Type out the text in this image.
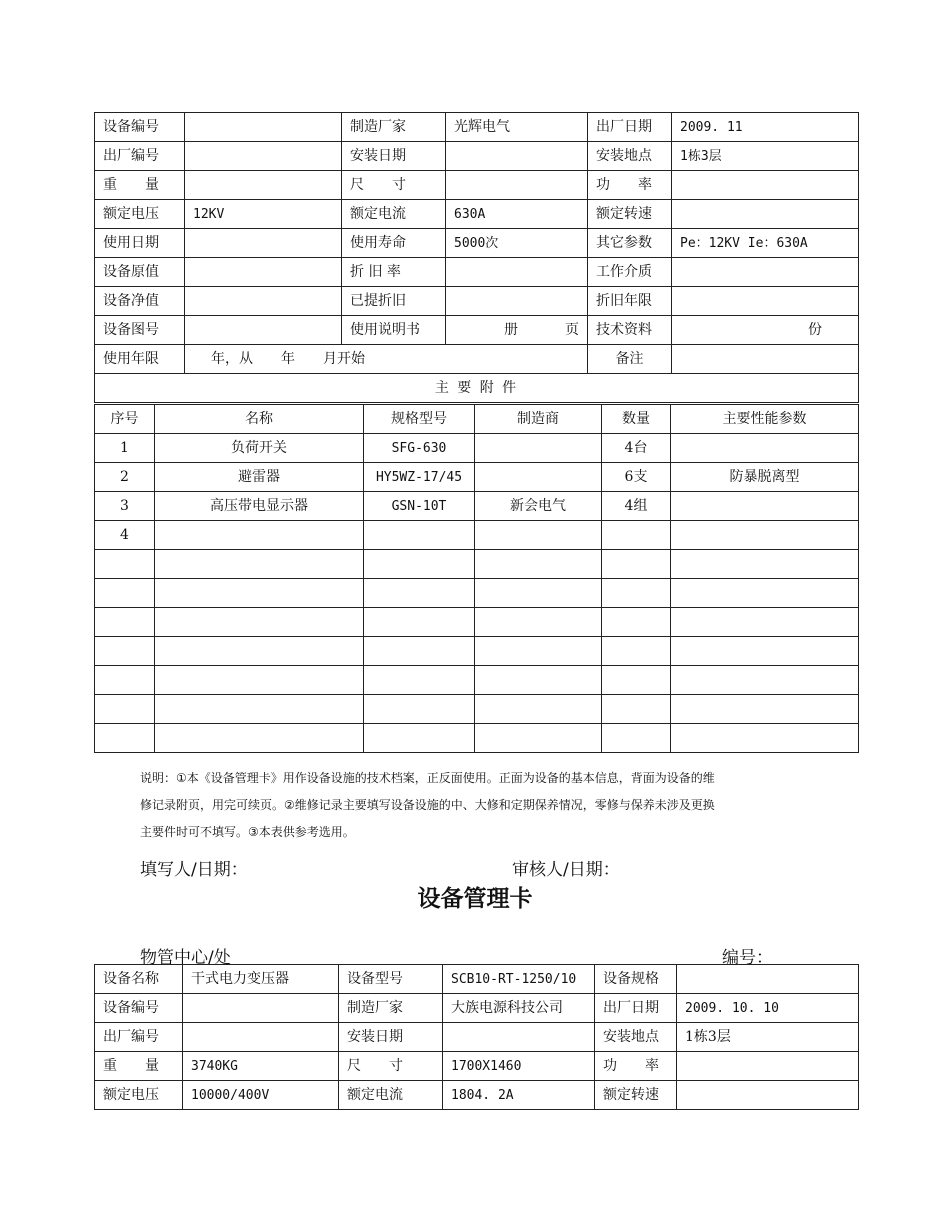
设备编号		制造厂家	光辉电气	出厂日期	2009. 11
出厂编号		安装日期		安装地点	1栋3层
重　　量		尺　　寸		功　　率	
额定电压	12KV	额定电流	630A	额定转速	
使用日期		使用寿命	5000次	其它参数	Pe：12KV Ie：630A
设备原值		折 旧 率		工作介质	
设备净值		已提折旧		折旧年限	
设备图号		使用说明书	册 页	技术资料	份
使用年限	年，从　　年　　月开始			备注	
主 要 附 件					
序号	名称	规格型号	制造商	数量	主要性能参数
1	负荷开关	SFG-630		4台	
2	避雷器	HY5WZ-17/45		6支	防暴脱离型
3	高压带电显示器	GSN-10T	新会电气	4组	
4					

说明：①本《设备管理卡》用作设备设施的技术档案，正反面使用。正面为设备的基本信息，背面为设备的维
修记录附页，用完可续页。②维修记录主要填写设备设施的中、大修和定期保养情况，零修与保养未涉及更换
主要件时可不填写。③本表供参考选用。
填写人/日期：	审核人/日期：
设备管理卡
物管中心/处	编号：
设备名称	干式电力变压器	设备型号	SCB10-RT-1250/10	设备规格	
设备编号		制造厂家	大族电源科技公司	出厂日期	2009. 10. 10
出厂编号		安装日期		安装地点	1栋3层
重　　量	3740KG	尺　　寸	1700X1460	功　　率	
额定电压	10000/400V	额定电流	1804. 2A	额定转速	
